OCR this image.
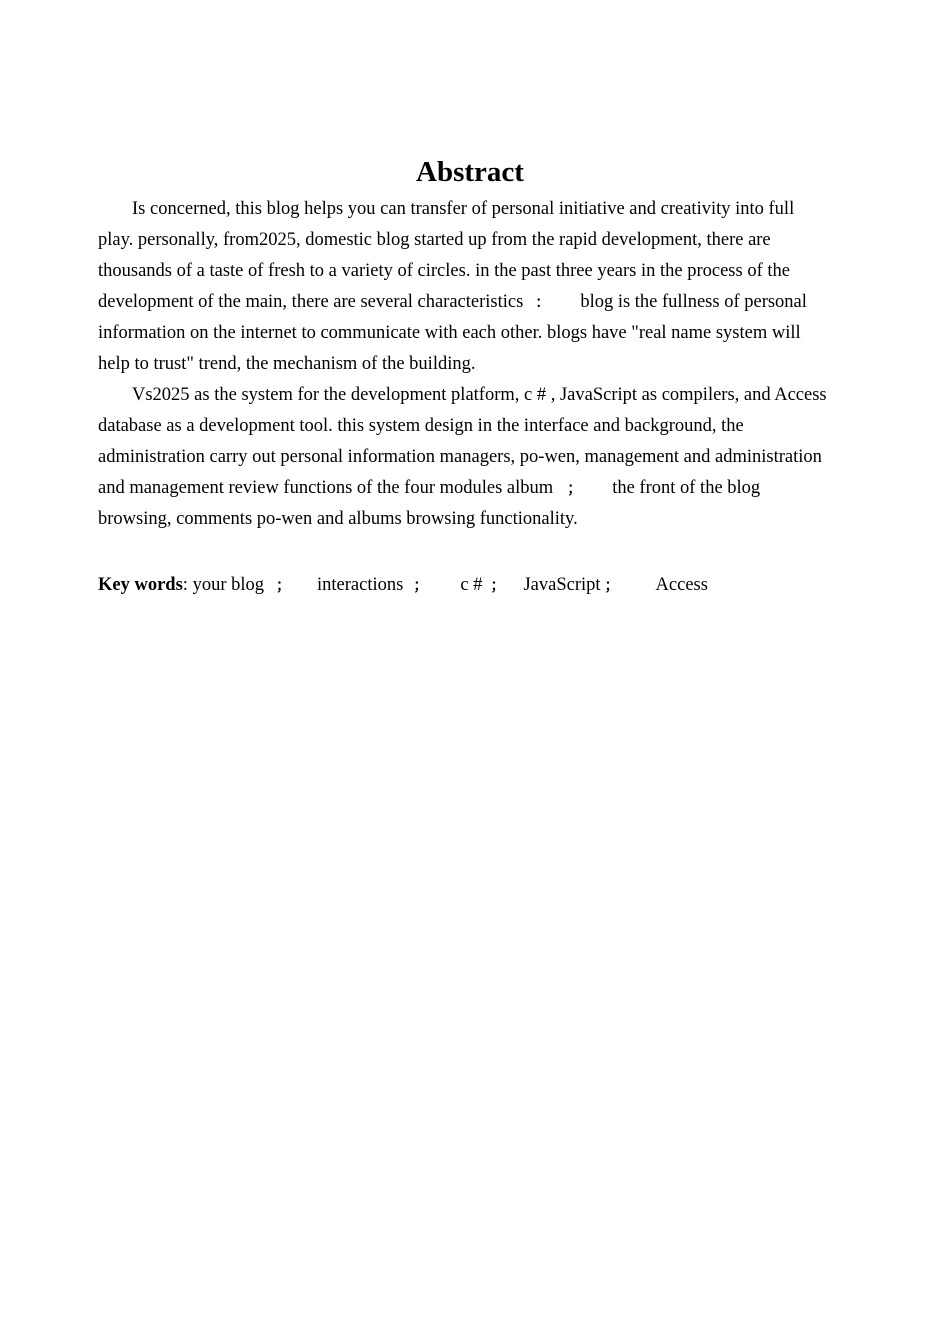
Abstract

Is concerned, this blog helps you can transfer of personal initiative and creativity into full
play. personally, from2025, domestic blog started up from the rapid development, there are
thousands of a taste of fresh to a variety of circles. in the past three years in the process of the
development of the main, there are several characteristics ： blog is the fullness of personal
information on the internet to communicate with each other. blogs have "real name system will
help to trust" trend, the mechanism of the building.

Vs2025 as the system for the development platform, c # , JavaScript as compilers, and Access
database as a development tool. this system design in the interface and background, the
administration carry out personal information managers, po-wen, management and administration
and management review functions of the four modules album ； the front of the blog
browsing, comments po-wen and albums browsing functionality.

Key words: your blog ； interactions ； c # ； JavaScript ； Access
